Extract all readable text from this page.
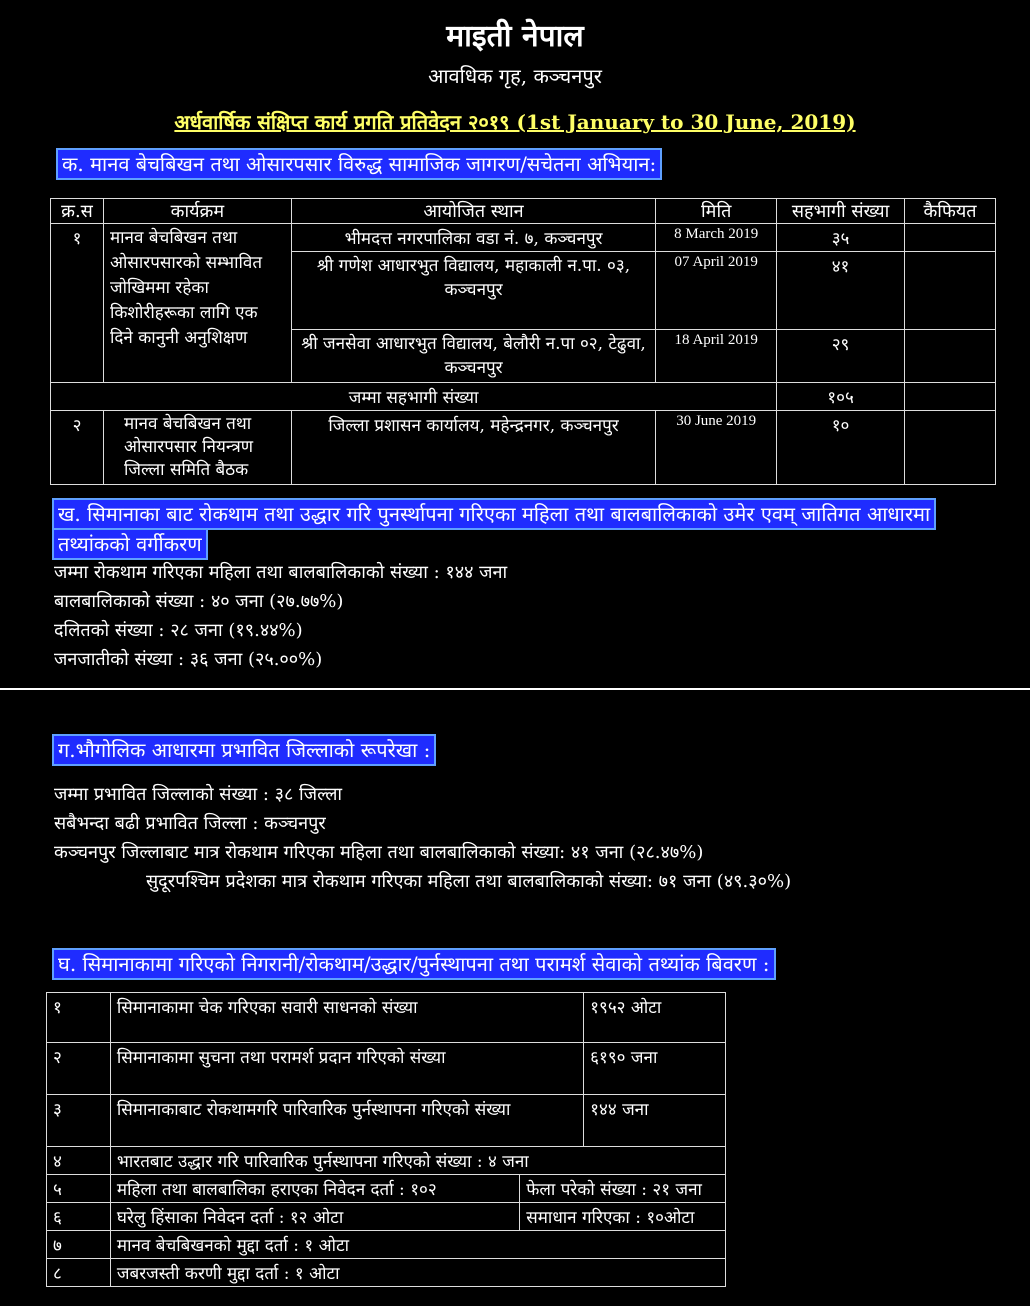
माइती नेपाल
आवधिक गृह, कञ्चनपुर
अर्धवार्षिक संक्षिप्त कार्य प्रगति प्रतिवेदन २०१९ (1st January to 30 June, 2019)
क. मानव बेचबिखन तथा ओसारपसार विरुद्ध सामाजिक जागरण/सचेतना अभियान:
क्र.स	कार्यक्रम	आयोजित स्थान	मिति	सहभागी संख्या	कैफियत
१	मानव बेचबिखन तथा ओसारपसारको सम्भावित जोखिममा रहेका किशोरीहरूका लागि एक दिने कानुनी अनुशिक्षण	भीमदत्त नगरपालिका वडा नं. ७, कञ्चनपुर	8 March 2019	३५	
		श्री गणेश आधारभुत विद्यालय, महाकाली न.पा. ०३, कञ्चनपुर	07 April 2019	४१	
		श्री जनसेवा आधारभुत विद्यालय, बेलौरी न.पा ०२, टेढुवा, कञ्चनपुर	18 April 2019	२९	
जम्मा सहभागी संख्या				१०५	
२	मानव बेचबिखन तथा ओसारपसार नियन्त्रण जिल्ला समिति बैठक	जिल्ला प्रशासन कार्यालय, महेन्द्रनगर, कञ्चनपुर	30 June 2019	१०	
ख. सिमानाका बाट रोकथाम तथा उद्धार गरि पुनर्स्थापना गरिएका महिला तथा बालबालिकाको उमेर एवम् जातिगत आधारमा
तथ्यांकको वर्गीकरण
जम्मा रोकथाम गरिएका महिला तथा बालबालिकाको संख्या : १४४ जना
बालबालिकाको संख्या : ४० जना (२७.७७%)
दलितको संख्या : २८ जना (१९.४४%)
जनजातीको संख्या : ३६ जना (२५.००%)
ग.भौगोलिक आधारमा प्रभावित जिल्लाको रूपरेखा :
जम्मा प्रभावित जिल्लाको संख्या : ३८ जिल्ला
सबैभन्दा बढी प्रभावित जिल्ला : कञ्चनपुर
कञ्चनपुर जिल्लाबाट मात्र रोकथाम गरिएका महिला तथा बालबालिकाको संख्या: ४१ जना (२८.४७%)
सुदूरपश्चिम प्रदेशका मात्र रोकथाम गरिएका महिला तथा बालबालिकाको संख्या: ७१ जना (४९.३०%)
घ. सिमानाकामा गरिएको निगरानी/रोकथाम/उद्धार/पुर्नस्थापना तथा परामर्श सेवाको तथ्यांक बिवरण :
१	सिमानाकामा चेक गरिएका सवारी साधनको संख्या		१९५२ ओटा
२	सिमानाकामा सुचना तथा परामर्श प्रदान गरिएको संख्या		६१९० जना
३	सिमानाकाबाट रोकथामगरि पारिवारिक पुर्नस्थापना गरिएको संख्या		१४४ जना
४	भारतबाट उद्धार गरि पारिवारिक पुर्नस्थापना गरिएको संख्या : ४ जना		
५	महिला तथा बालबालिका हराएका निवेदन दर्ता : १०२	फेला परेको संख्या : २१ जना	
६	घरेलु हिंसाका निवेदन दर्ता : १२ ओटा	समाधान गरिएका : १०ओटा	
७	मानव बेचबिखनको मुद्दा दर्ता : १ ओटा		
८	जबरजस्ती करणी मुद्दा दर्ता : १ ओटा		
